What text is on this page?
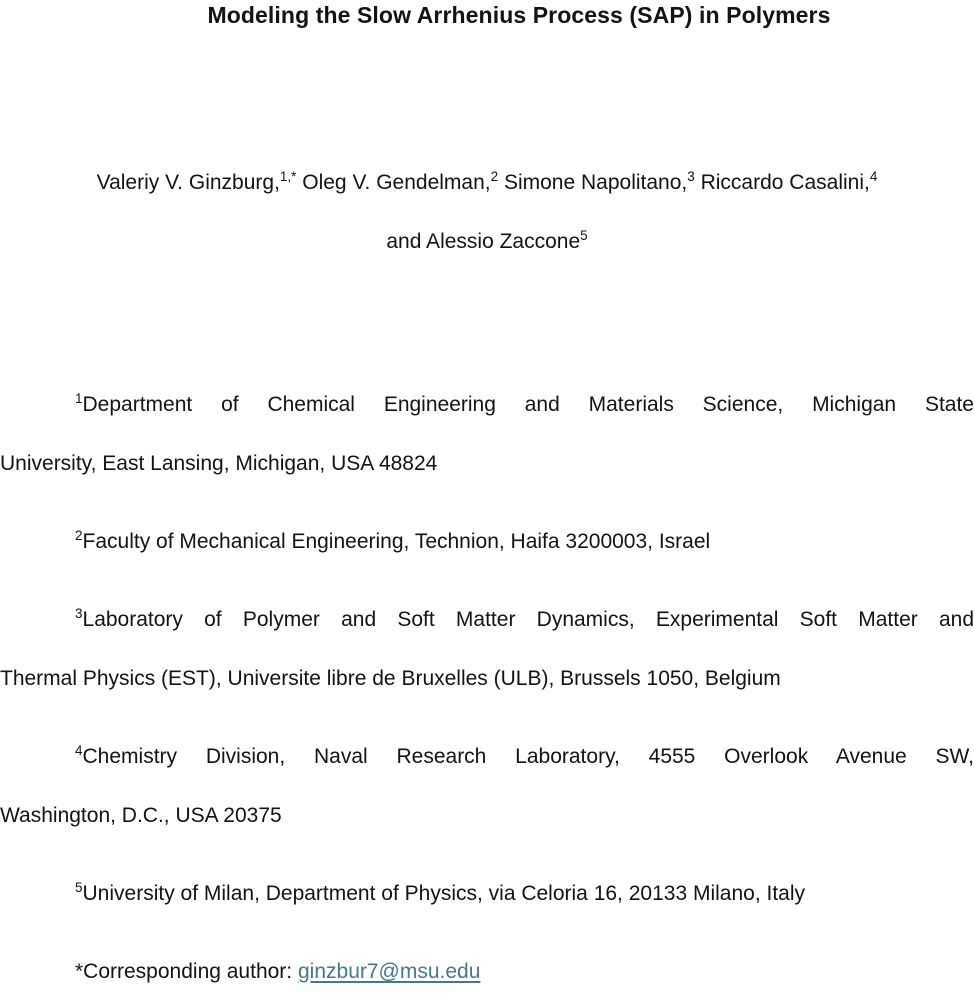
Modeling the Slow Arrhenius Process (SAP) in Polymers
Valeriy V. Ginzburg,$^{1,*}$ Oleg V. Gendelman,$^2$ Simone Napolitano,$^3$ Riccardo Casalini,$^4$
and Alessio Zaccone$^5$
$^1$Department of Chemical Engineering and Materials Science, Michigan State
University, East Lansing, Michigan, USA 48824
$^2$Faculty of Mechanical Engineering, Technion, Haifa 3200003, Israel
$^3$Laboratory of Polymer and Soft Matter Dynamics, Experimental Soft Matter and
Thermal Physics (EST), Universite libre de Bruxelles (ULB), Brussels 1050, Belgium
$^4$Chemistry Division, Naval Research Laboratory, 4555 Overlook Avenue SW,
Washington, D.C., USA 20375
$^5$University of Milan, Department of Physics, via Celoria 16, 20133 Milano, Italy
*Corresponding author: ginzbur7@msu.edu
